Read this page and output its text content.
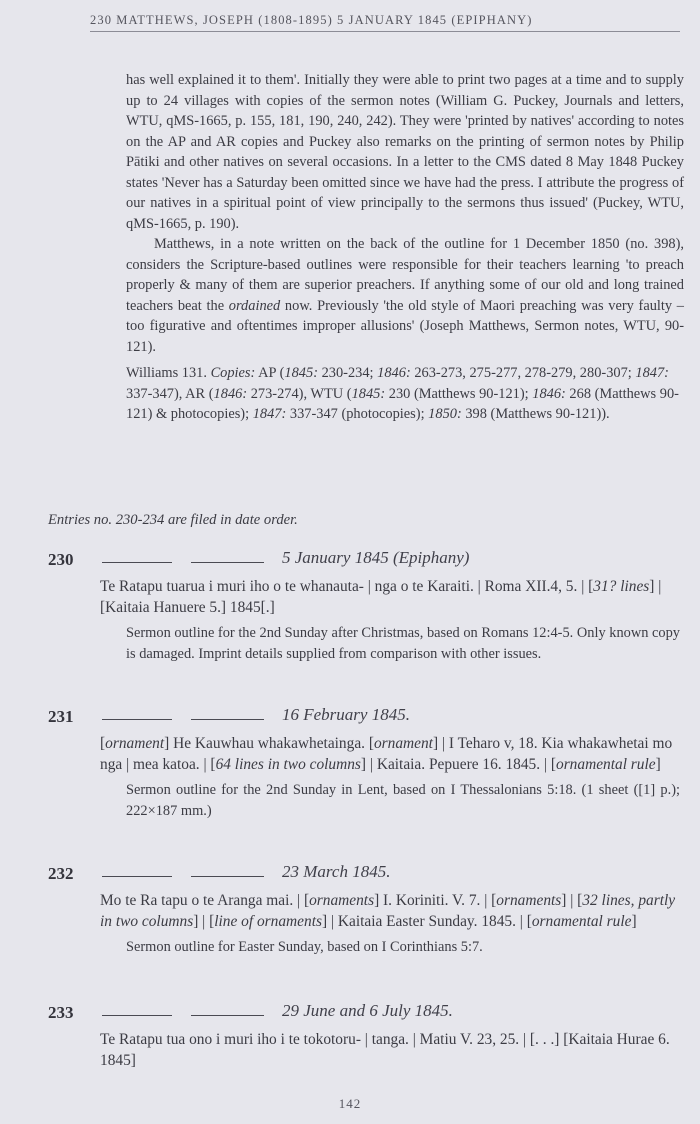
230 MATTHEWS, JOSEPH (1808-1895) 5 JANUARY 1845 (EPIPHANY)

has well explained it to them'. Initially they were able to print two pages at a time and to supply up to 24 villages with copies of the sermon notes (William G. Puckey, Journals and letters, WTU, qMS-1665, p. 155, 181, 190, 240, 242). They were 'printed by natives' according to notes on the AP and AR copies and Puckey also remarks on the printing of sermon notes by Philip Pātiki and other natives on several occasions. In a letter to the CMS dated 8 May 1848 Puckey states 'Never has a Saturday been omitted since we have had the press. I attribute the progress of our natives in a spiritual point of view principally to the sermons thus issued' (Puckey, WTU, qMS-1665, p. 190).

Matthews, in a note written on the back of the outline for 1 December 1850 (no. 398), considers the Scripture-based outlines were responsible for their teachers learning 'to preach properly & many of them are superior preachers. If anything some of our old and long trained teachers beat the ordained now. Previously 'the old style of Maori preaching was very faulty – too figurative and oftentimes improper allusions' (Joseph Matthews, Sermon notes, WTU, 90-121).

Williams 131. Copies: AP (1845: 230-234; 1846: 263-273, 275-277, 278-279, 280-307; 1847: 337-347), AR (1846: 273-274), WTU (1845: 230 (Matthews 90-121); 1846: 268 (Matthews 90-121) & photocopies); 1847: 337-347 (photocopies); 1850: 398 (Matthews 90-121)).

Entries no. 230-234 are filed in date order.
230	5 January 1845 (Epiphany)
Te Ratapu tuarua i muri iho o te whanauta- | nga o te Karaiti. | Roma XII.4, 5. | [31? lines] | [Kaitaia Hanuere 5.] 1845[.]
Sermon outline for the 2nd Sunday after Christmas, based on Romans 12:4-5. Only known copy is damaged. Imprint details supplied from comparison with other issues.
231	16 February 1845.
[ornament] He Kauwhau whakawhetainga. [ornament] | I Teharo v, 18. Kia whakawhetai mo nga | mea katoa. | [64 lines in two columns] | Kaitaia. Pepuere 16. 1845. | [ornamental rule]
Sermon outline for the 2nd Sunday in Lent, based on I Thessalonians 5:18. (1 sheet ([1] p.); 222×187 mm.)
232	23 March 1845.
Mo te Ra tapu o te Aranga mai. | [ornaments] I. Koriniti. V. 7. | [ornaments] | [32 lines, partly in two columns] | [line of ornaments] | Kaitaia Easter Sunday. 1845. | [ornamental rule]
Sermon outline for Easter Sunday, based on I Corinthians 5:7.
233	29 June and 6 July 1845.
Te Ratapu tua ono i muri iho i te tokotoru- | tanga. | Matiu V. 23, 25. | [. . .] [Kaitaia Hurae 6. 1845]
142
